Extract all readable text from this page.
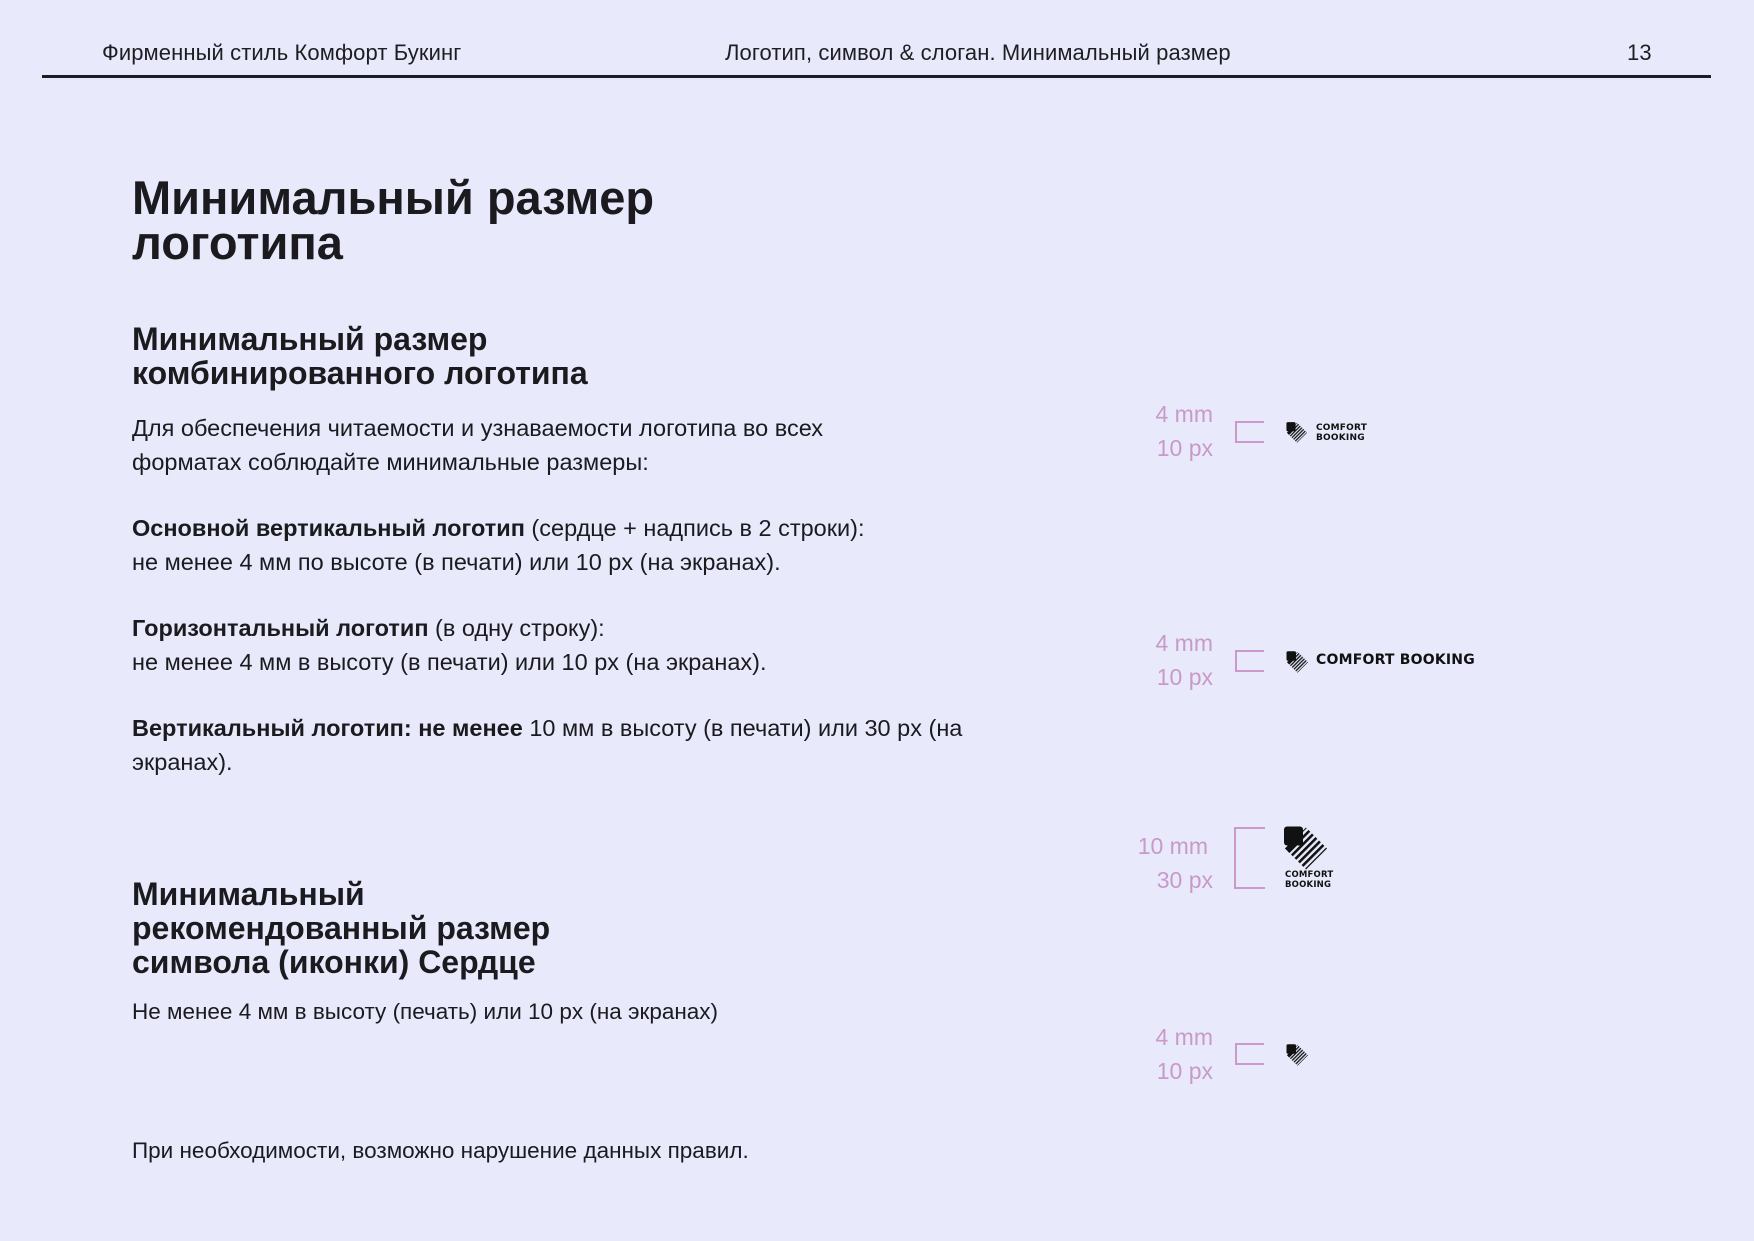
Фирменный стиль Комфорт Букинг	Логотип, символ & слоган. Минимальный размер	13
Минимальный размер
логотипа
Минимальный размер
комбинированного логотипа
Для обеспечения читаемости и узнаваемости логотипа во всех
форматах соблюдайте минимальные размеры:
Основной вертикальный логотип (сердце + надпись в 2 строки):
не менее 4 мм по высоте (в печати) или 10 px (на экранах).
Горизонтальный логотип (в одну строку):
не менее 4 мм в высоту (в печати) или 10 px (на экранах).
Вертикальный логотип: не менее 10 мм в высоту (в печати) или 30 px (на
экранах).
Минимальный
рекомендованный размер
символа (иконки) Сердце
Не менее 4 мм в высоту (печать) или 10 px (на экранах)
При необходимости, возможно нарушение данных правил.
4 mm
10 px
COMFORT
BOOKING
4 mm
10 px
COMFORT BOOKING
10 mm
30 px	COMFORT
BOOKING
4 mm
10 px
